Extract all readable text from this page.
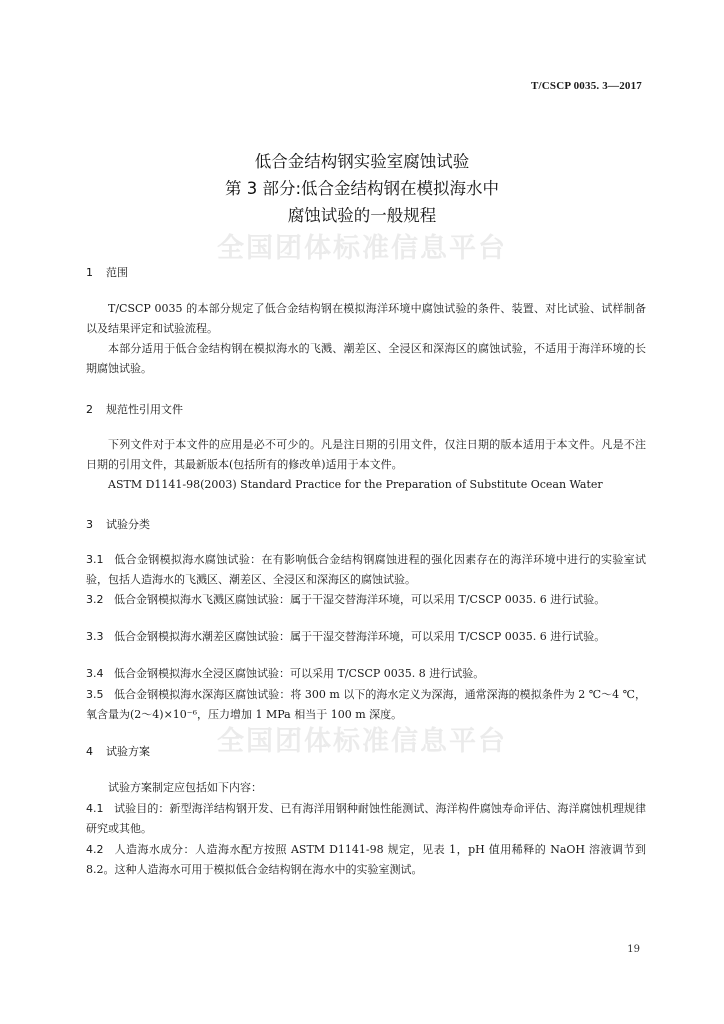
T/CSCP 0035. 3—2017
低合金结构钢实验室腐蚀试验
第 3 部分:低合金结构钢在模拟海水中
腐蚀试验的一般规程
全国团体标准信息平台
全国团体标准信息平台
1 范围
T/CSCP 0035 的本部分规定了低合金结构钢在模拟海洋环境中腐蚀试验的条件、装置、对比试验、试样制备以及结果评定和试验流程。
本部分适用于低合金结构钢在模拟海水的飞溅、潮差区、全浸区和深海区的腐蚀试验，不适用于海洋环境的长期腐蚀试验。
2 规范性引用文件
下列文件对于本文件的应用是必不可少的。凡是注日期的引用文件，仅注日期的版本适用于本文件。凡是不注日期的引用文件，其最新版本(包括所有的修改单)适用于本文件。
ASTM D1141-98(2003) Standard Practice for the Preparation of Substitute Ocean Water
3 试验分类
3.1 低合金钢模拟海水腐蚀试验：在有影响低合金结构钢腐蚀进程的强化因素存在的海洋环境中进行的实验室试验，包括人造海水的飞溅区、潮差区、全浸区和深海区的腐蚀试验。
3.2 低合金钢模拟海水飞溅区腐蚀试验：属于干湿交替海洋环境，可以采用 T/CSCP 0035. 6 进行试验。
3.3 低合金钢模拟海水潮差区腐蚀试验：属于干湿交替海洋环境，可以采用 T/CSCP 0035. 6 进行试验。
3.4 低合金钢模拟海水全浸区腐蚀试验：可以采用 T/CSCP 0035. 8 进行试验。
3.5 低合金钢模拟海水深海区腐蚀试验：将 300 m 以下的海水定义为深海，通常深海的模拟条件为 2 ℃～4 ℃，氧含量为(2～4)×10⁻⁶，压力增加 1 MPa 相当于 100 m 深度。
4 试验方案
试验方案制定应包括如下内容：
4.1 试验目的：新型海洋结构钢开发、已有海洋用钢种耐蚀性能测试、海洋构件腐蚀寿命评估、海洋腐蚀机理规律研究或其他。
4.2 人造海水成分：人造海水配方按照 ASTM D1141-98 规定，见表 1，pH 值用稀释的 NaOH 溶液调节到 8.2。这种人造海水可用于模拟低合金结构钢在海水中的实验室测试。
19
